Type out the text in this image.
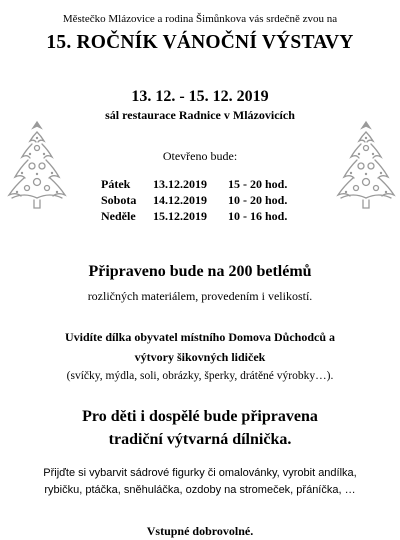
Městečko Mlázovice a rodina Šimůnkova vás srdečně zvou na
15. ROČNÍK VÁNOČNÍ VÝSTAVY
13. 12. - 15. 12. 2019
sál restaurace Radnice v Mlázovicích
Otevřeno bude:
Pátek	13.12.2019	15 - 20 hod.
Sobota	14.12.2019	10 - 20 hod.
Neděle	15.12.2019	10 - 16 hod.
Připraveno bude na 200 betlémů
rozličných materiálem, provedením i velikostí.
Uvidíte dílka obyvatel místního Domova Důchodců a
výtvory šikovných lidiček
(svíčky, mýdla, soli, obrázky, šperky, drátěné výrobky…).
Pro děti i dospělé bude připravena
tradiční výtvarná dílnička.
Přijďte si vybarvit sádrové figurky či omalovánky, vyrobit andílka,
rybičku, ptáčka, sněhuláčka, ozdoby na stromeček, přáníčka, …
Vstupné dobrovolné.
